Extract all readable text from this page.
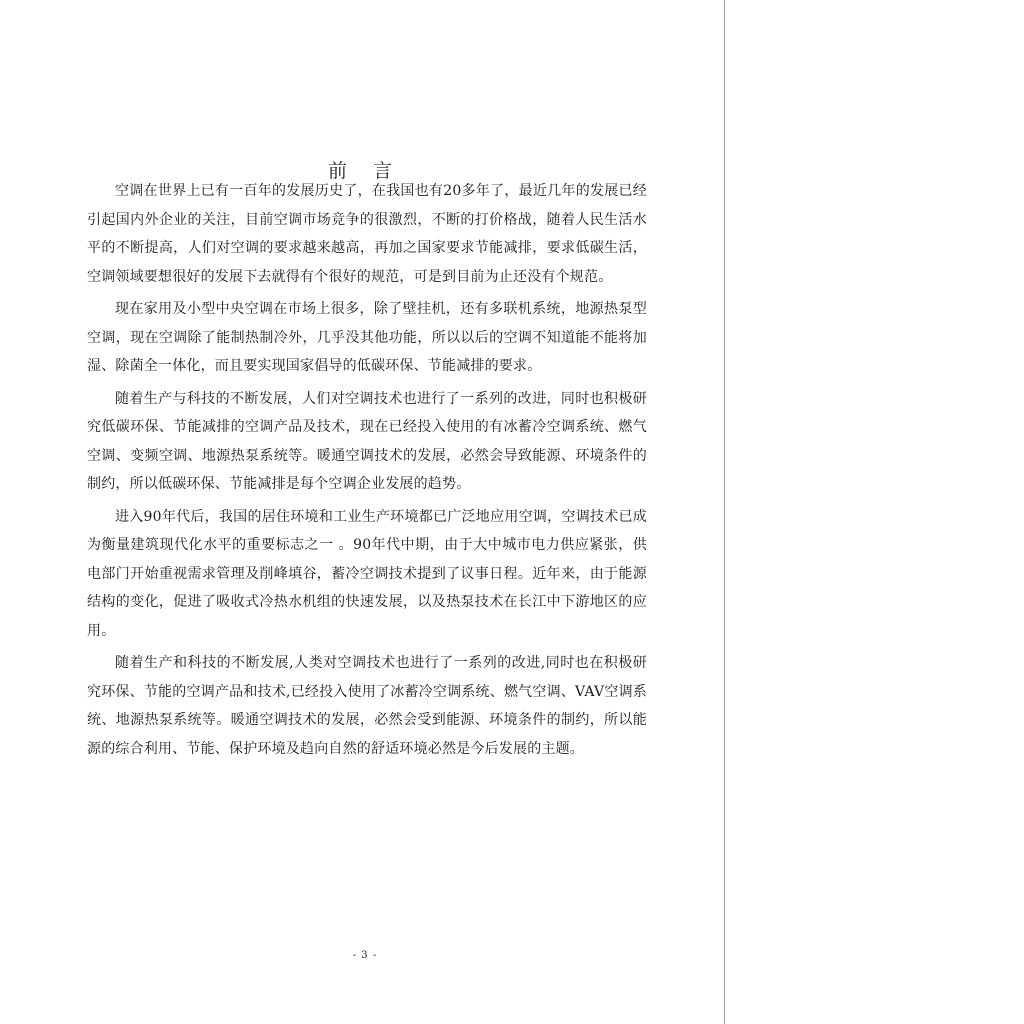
前 言

空调在世界上已有一百年的发展历史了，在我国也有20多年了，最近几年的发展已经引起国内外企业的关注，目前空调市场竞争的很激烈，不断的打价格战，随着人民生活水平的不断提高，人们对空调的要求越来越高，再加之国家要求节能减排，要求低碳生活，空调领域要想很好的发展下去就得有个很好的规范，可是到目前为止还没有个规范。

现在家用及小型中央空调在市场上很多，除了壁挂机，还有多联机系统，地源热泵型空调，现在空调除了能制热制冷外，几乎没其他功能，所以以后的空调不知道能不能将加湿、除菌全一体化，而且要实现国家倡导的低碳环保、节能减排的要求。

随着生产与科技的不断发展，人们对空调技术也进行了一系列的改进，同时也积极研究低碳环保、节能减排的空调产品及技术，现在已经投入使用的有冰蓄冷空调系统、燃气空调、变频空调、地源热泵系统等。暖通空调技术的发展，必然会导致能源、环境条件的制约，所以低碳环保、节能减排是每个空调企业发展的趋势。

进入90年代后，我国的居住环境和工业生产环境都已广泛地应用空调，空调技术已成为衡量建筑现代化水平的重要标志之一 。90年代中期，由于大中城市电力供应紧张，供电部门开始重视需求管理及削峰填谷，蓄冷空调技术提到了议事日程。近年来，由于能源结构的变化，促进了吸收式冷热水机组的快速发展，以及热泵技术在长江中下游地区的应用。

随着生产和科技的不断发展,人类对空调技术也进行了一系列的改进,同时也在积极研究环保、节能的空调产品和技术,已经投入使用了冰蓄冷空调系统、燃气空调、VAV空调系统、地源热泵系统等。暖通空调技术的发展，必然会受到能源、环境条件的制约，所以能源的综合利用、节能、保护环境及趋向自然的舒适环境必然是今后发展的主题。

- 3 -
